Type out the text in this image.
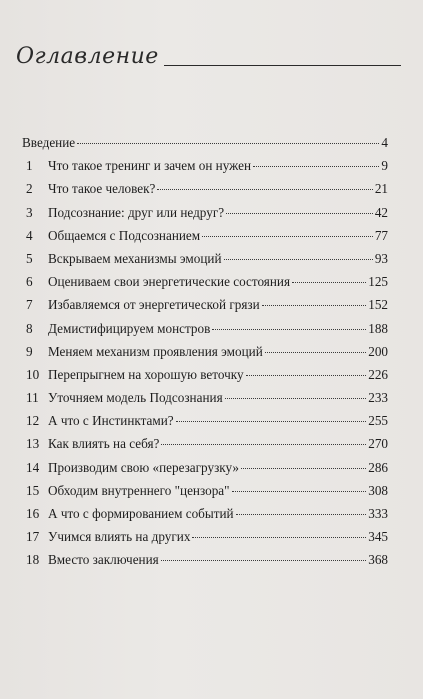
Оглавление
Введение	4
1	Что такое тренинг и зачем он нужен	9
2	Что такое человек?	21
3	Подсознание: друг или недруг?	42
4	Общаемся с Подсознанием	77
5	Вскрываем механизмы эмоций	93
6	Оцениваем свои энергетические состояния	125
7	Избавляемся от энергетической грязи	152
8	Демистифицируем монстров	188
9	Меняем механизм проявления эмоций	200
10 Перепрыгнем на хорошую веточку	226
11 Уточняем модель Подсознания	233
12 А что с Инстинктами?	255
13 Как влиять на себя?	270
14 Производим свою «перезагрузку»	286
15 Обходим внутреннего "цензора"	308
16 А что с формированием событий	333
17 Учимся влиять на других	345
18 Вместо заключения	368
